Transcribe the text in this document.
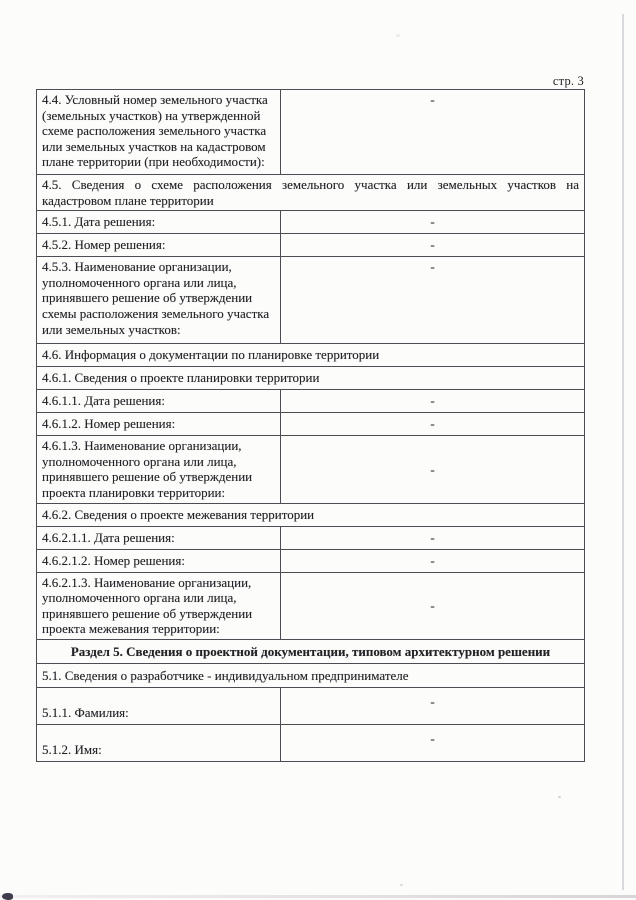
стр. 3
4.4. Условный номер земельного участка (земельных участков) на утвержденной схеме расположения земельного участка или земельных участков на кадастровом плане территории (при необходимости):	-
4.5. Сведения о схеме расположения земельного участка или земельных участков на кадастровом плане территории	
4.5.1. Дата решения:	-
4.5.2. Номер решения:	-
4.5.3. Наименование организации, уполномоченного органа или лица, принявшего решение об утверждении схемы расположения земельного участка или земельных участков:	-
4.6. Информация о документации по планировке территории	
4.6.1. Сведения о проекте планировки территории	
4.6.1.1. Дата решения:	-
4.6.1.2. Номер решения:	-
4.6.1.3. Наименование организации, уполномоченного органа или лица, принявшего решение об утверждении проекта планировки территории:	-
4.6.2. Сведения о проекте межевания территории	
4.6.2.1.1. Дата решения:	-
4.6.2.1.2. Номер решения:	-
4.6.2.1.3. Наименование организации, уполномоченного органа или лица, принявшего решение об утверждении проекта межевания территории:	-
Раздел 5. Сведения о проектной документации, типовом архитектурном решении	
5.1. Сведения о разработчике - индивидуальном предпринимателе	
5.1.1. Фамилия:	-
5.1.2. Имя:	-
